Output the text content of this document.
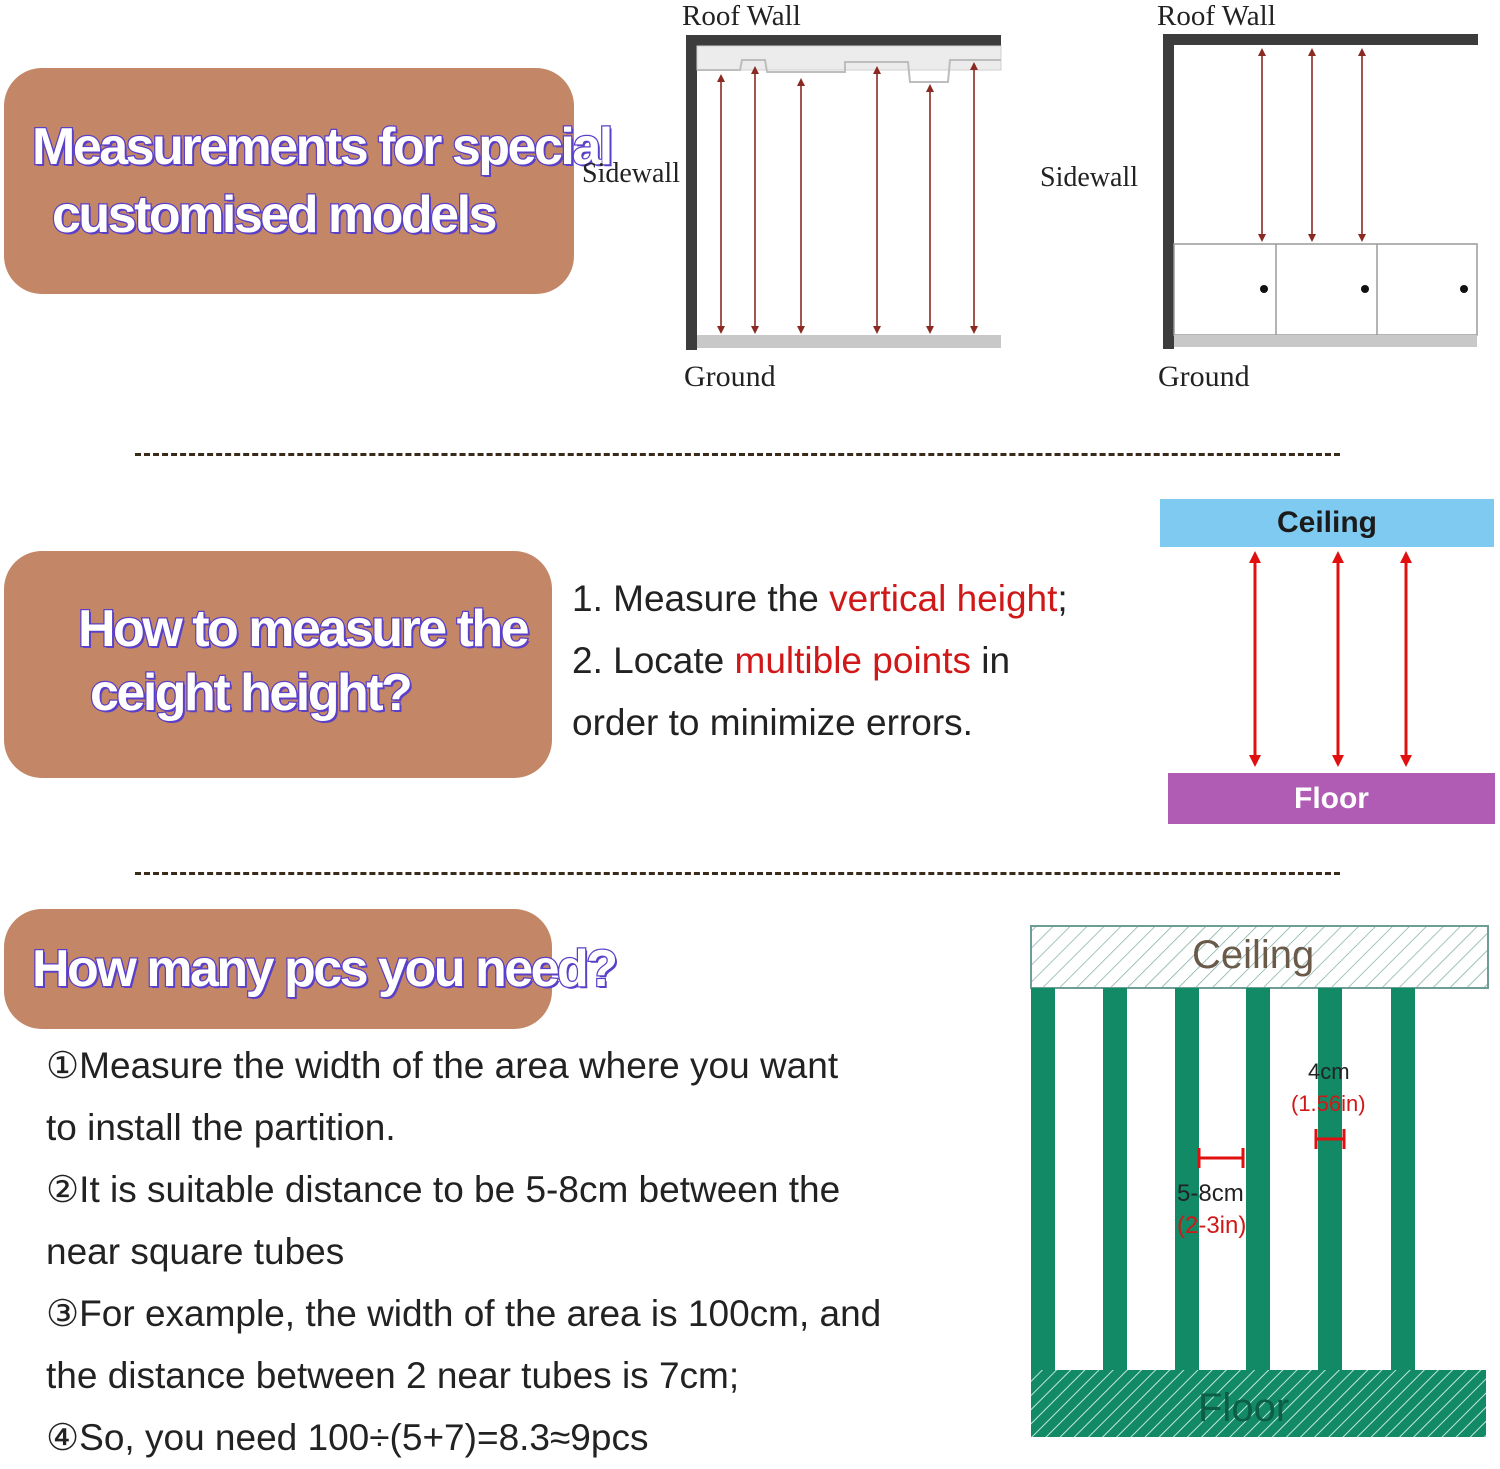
Measurements for special
customised models
Roof Wall
Sidewall
Ground
Roof Wall
Sidewall
Ground
How to measure the
ceight height?
1. Measure the vertical height;
2. Locate multible points in
order to minimize errors.
Ceiling
Floor
How many pcs you need?
①Measure the width of the area where you want
to install the partition.
②It is suitable distance to be 5-8cm between the
near square tubes
③For example, the width of the area is 100cm, and
the distance between 2 near tubes is 7cm;
④So, you need 100÷(5+7)=8.3≈9pcs
Ceiling
Floor
4cm
(1.56in)
5-8cm
(2-3in)
